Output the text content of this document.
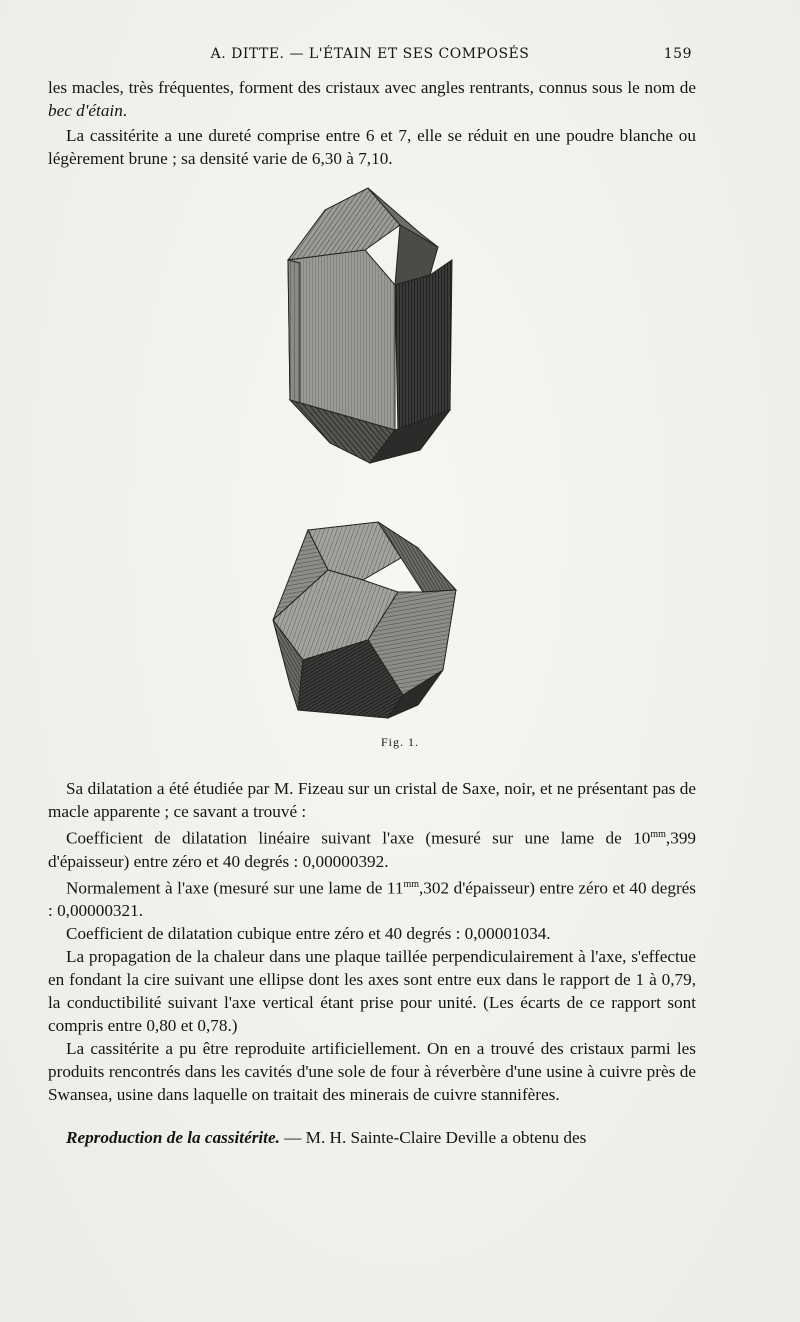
A. DITTE. — L'ÉTAIN ET SES COMPOSÉS	159

les macles, très fréquentes, forment des cristaux avec angles rentrants, connus sous le nom de bec d'étain.

La cassitérite a une dureté comprise entre 6 et 7, elle se réduit en une poudre blanche ou légèrement brune ; sa densité varie de 6,30 à 7,10.

Fig. 1.

Sa dilatation a été étudiée par M. Fizeau sur un cristal de Saxe, noir, et ne présentant pas de macle apparente ; ce savant a trouvé :

Coefficient de dilatation linéaire suivant l'axe (mesuré sur une lame de $10^{mm},399$ d'épaisseur) entre zéro et 40 degrés : 0,00000392.

Normalement à l'axe (mesuré sur une lame de $11^{mm},302$ d'épaisseur) entre zéro et 40 degrés : 0,00000321.

Coefficient de dilatation cubique entre zéro et 40 degrés : 0,00001034.

La propagation de la chaleur dans une plaque taillée perpendiculairement à l'axe, s'effectue en fondant la cire suivant une ellipse dont les axes sont entre eux dans le rapport de 1 à 0,79, la conductibilité suivant l'axe vertical étant prise pour unité. (Les écarts de ce rapport sont compris entre 0,80 et 0,78.)

La cassitérite a pu être reproduite artificiellement. On en a trouvé des cristaux parmi les produits rencontrés dans les cavités d'une sole de four à réverbère d'une usine à cuivre près de Swansea, usine dans laquelle on traitait des minerais de cuivre stannifères.

Reproduction de la cassitérite. — M. H. Sainte-Claire Deville a obtenu des
